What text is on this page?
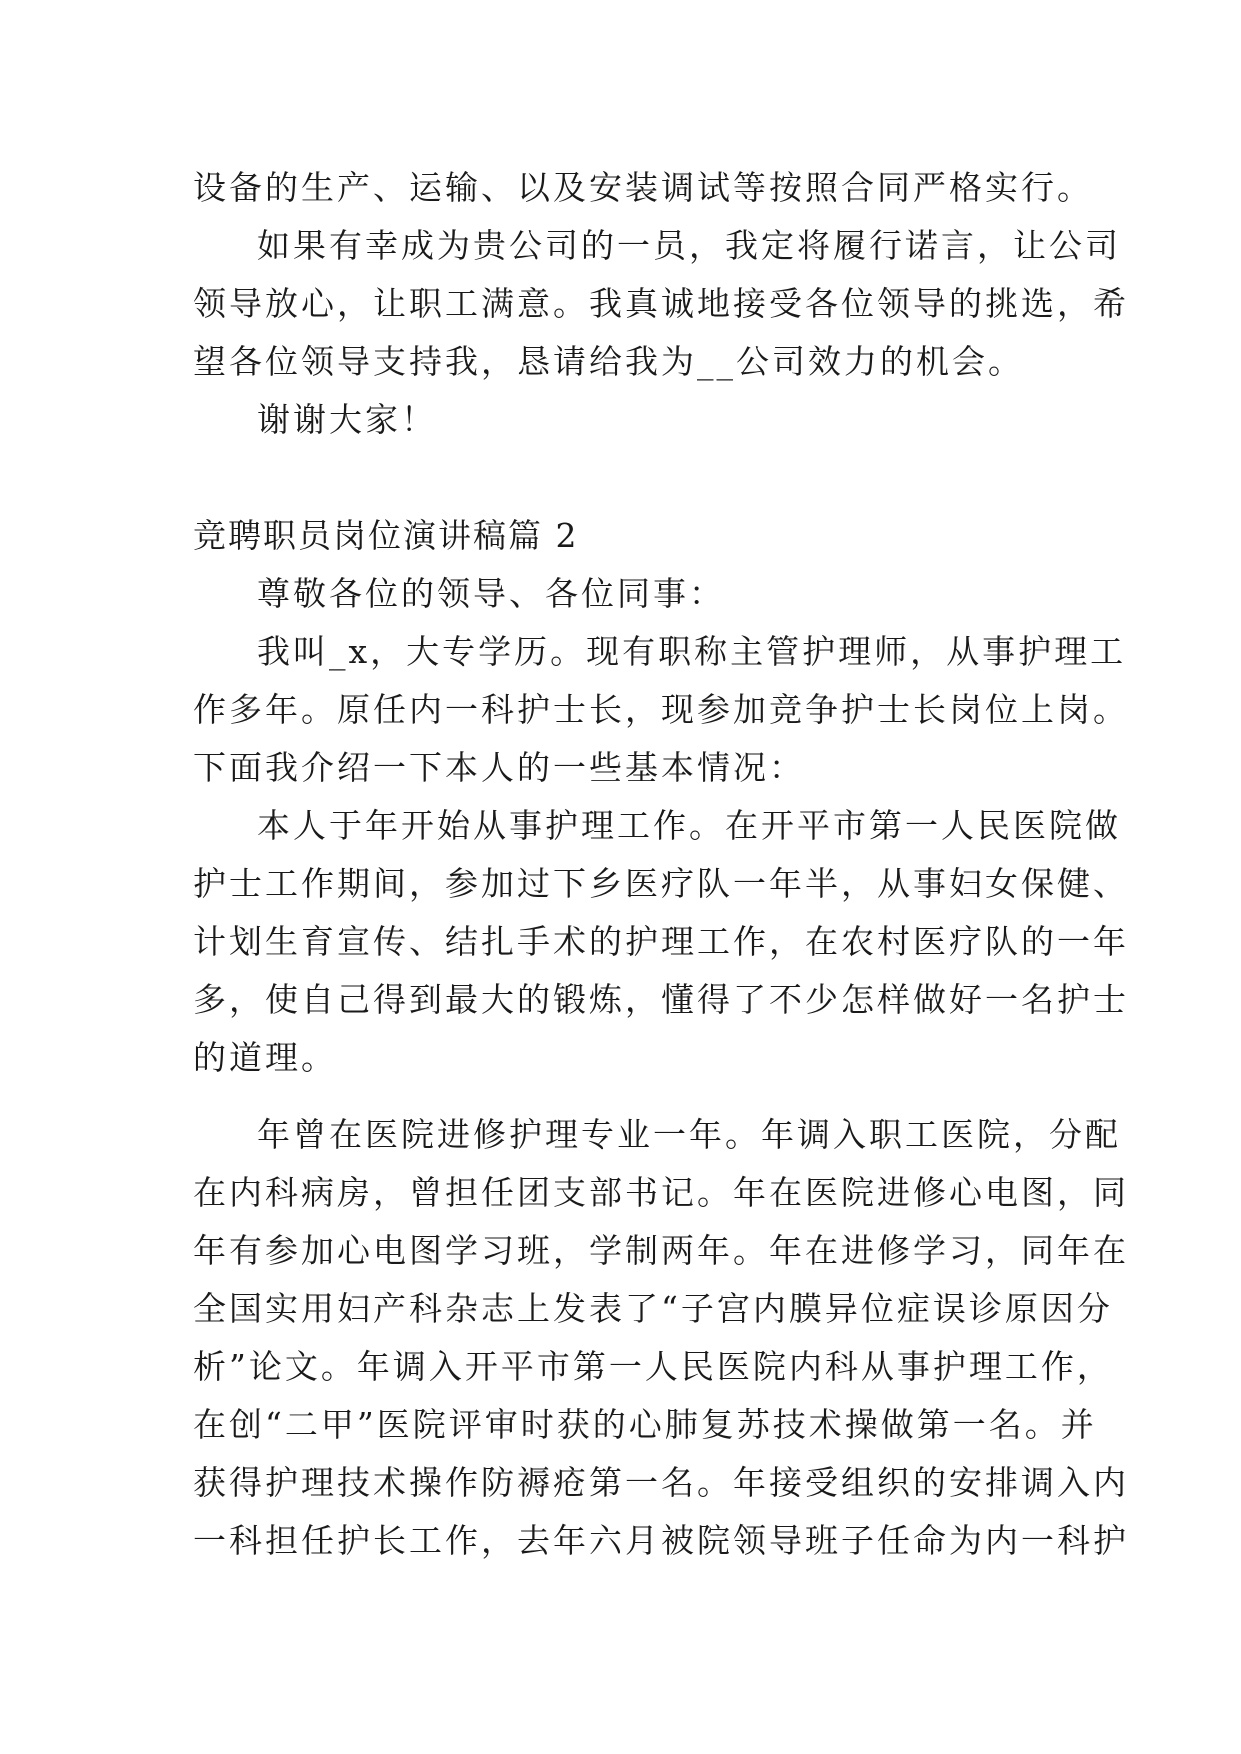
设备的生产、运输、以及安装调试等按照合同严格实行。
如果有幸成为贵公司的一员，我定将履行诺言，让公司
领导放心，让职工满意。我真诚地接受各位领导的挑选，希
望各位领导支持我，恳请给我为__公司效力的机会。
谢谢大家！
竞聘职员岗位演讲稿篇 2
尊敬各位的领导、各位同事：
我叫_x，大专学历。现有职称主管护理师，从事护理工
作多年。原任内一科护士长，现参加竞争护士长岗位上岗。
下面我介绍一下本人的一些基本情况：
本人于年开始从事护理工作。在开平市第一人民医院做
护士工作期间，参加过下乡医疗队一年半，从事妇女保健、
计划生育宣传、结扎手术的护理工作，在农村医疗队的一年
多，使自己得到最大的锻炼，懂得了不少怎样做好一名护士
的道理。
年曾在医院进修护理专业一年。年调入职工医院，分配
在内科病房，曾担任团支部书记。年在医院进修心电图，同
年有参加心电图学习班，学制两年。年在进修学习，同年在
全国实用妇产科杂志上发表了“子宫内膜异位症误诊原因分
析”论文。年调入开平市第一人民医院内科从事护理工作，
在创“二甲”医院评审时获的心肺复苏技术操做第一名。并
获得护理技术操作防褥疮第一名。年接受组织的安排调入内
一科担任护长工作，去年六月被院领导班子任命为内一科护
